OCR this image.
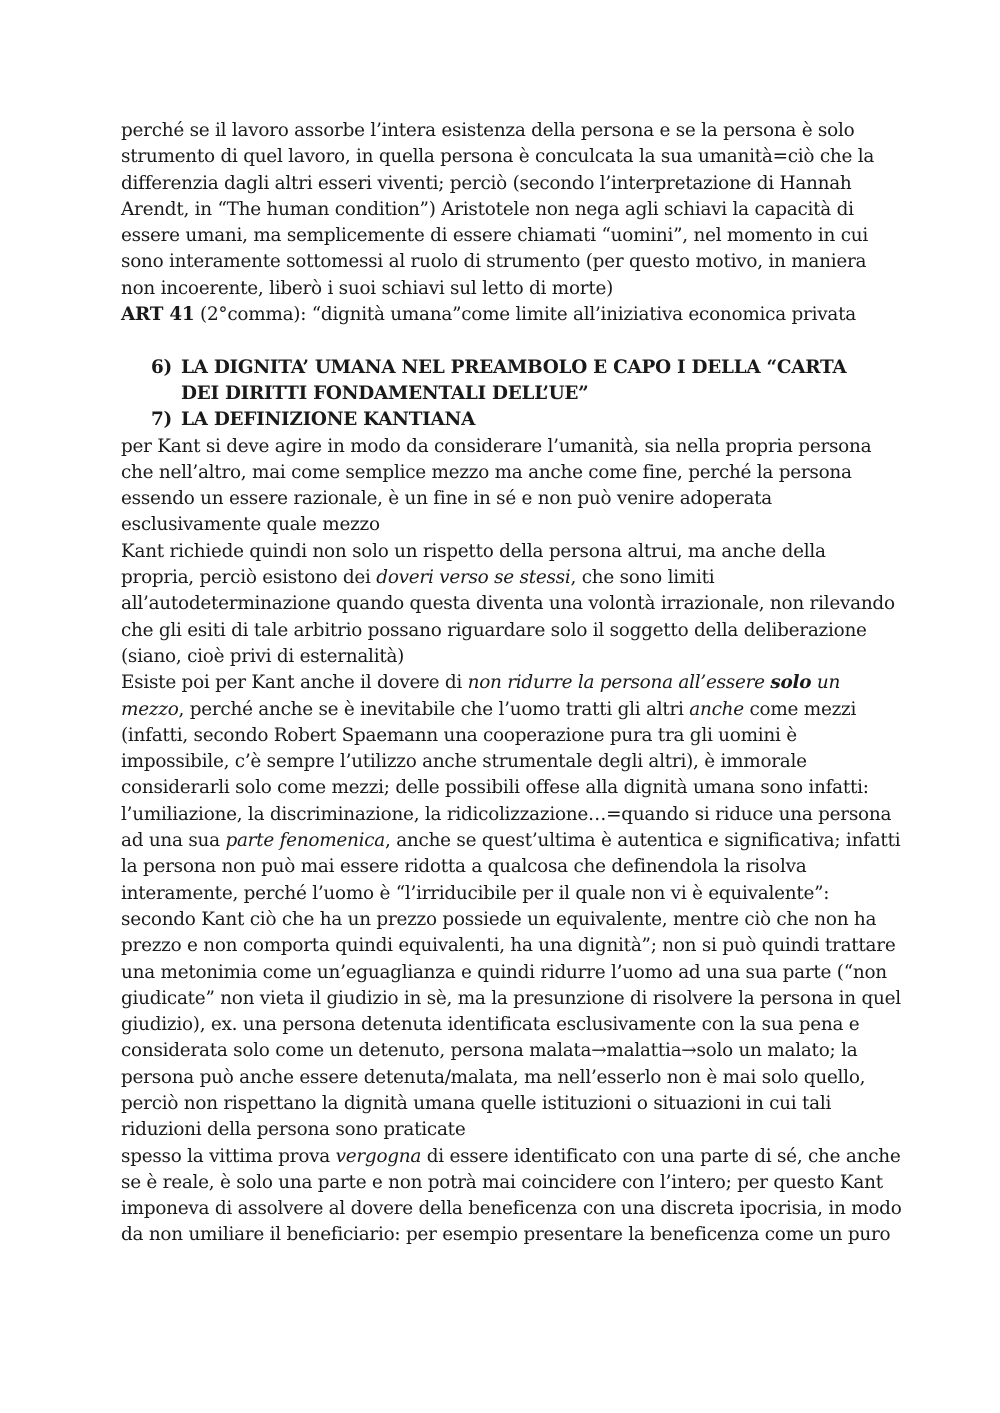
perché se il lavoro assorbe l’intera esistenza della persona e se la persona è solo
strumento di quel lavoro, in quella persona è conculcata la sua umanità=ciò che la
differenzia dagli altri esseri viventi; perciò (secondo l’interpretazione di Hannah
Arendt, in “The human condition”) Aristotele non nega agli schiavi la capacità di
essere umani, ma semplicemente di essere chiamati “uomini”, nel momento in cui
sono interamente sottomessi al ruolo di strumento (per questo motivo, in maniera
non incoerente, liberò i suoi schiavi sul letto di morte)
ART 41 (2°comma): “dignità umana”come limite all’iniziativa economica privata
6) LA DIGNITA’ UMANA NEL PREAMBOLO E CAPO I DELLA “CARTA
DEI DIRITTI FONDAMENTALI DELL’UE”
7) LA DEFINIZIONE KANTIANA
per Kant si deve agire in modo da considerare l’umanità, sia nella propria persona
che nell’altro, mai come semplice mezzo ma anche come fine, perché la persona
essendo un essere razionale, è un fine in sé e non può venire adoperata
esclusivamente quale mezzo
Kant richiede quindi non solo un rispetto della persona altrui, ma anche della
propria, perciò esistono dei doveri verso se stessi, che sono limiti
all’autodeterminazione quando questa diventa una volontà irrazionale, non rilevando
che gli esiti di tale arbitrio possano riguardare solo il soggetto della deliberazione
(siano, cioè privi di esternalità)
Esiste poi per Kant anche il dovere di non ridurre la persona all’essere solo un
mezzo, perché anche se è inevitabile che l’uomo tratti gli altri anche come mezzi
(infatti, secondo Robert Spaemann una cooperazione pura tra gli uomini è
impossibile, c’è sempre l’utilizzo anche strumentale degli altri), è immorale
considerarli solo come mezzi; delle possibili offese alla dignità umana sono infatti:
l’umiliazione, la discriminazione, la ridicolizzazione…=quando si riduce una persona
ad una sua parte fenomenica, anche se quest’ultima è autentica e significativa; infatti
la persona non può mai essere ridotta a qualcosa che definendola la risolva
interamente, perché l’uomo è “l’irriducibile per il quale non vi è equivalente”:
secondo Kant ciò che ha un prezzo possiede un equivalente, mentre ciò che non ha
prezzo e non comporta quindi equivalenti, ha una dignità”; non si può quindi trattare
una metonimia come un’eguaglianza e quindi ridurre l’uomo ad una sua parte (“non
giudicate” non vieta il giudizio in sè, ma la presunzione di risolvere la persona in quel
giudizio), ex. una persona detenuta identificata esclusivamente con la sua pena e
considerata solo come un detenuto, persona malata→malattia→solo un malato; la
persona può anche essere detenuta/malata, ma nell’esserlo non è mai solo quello,
perciò non rispettano la dignità umana quelle istituzioni o situazioni in cui tali
riduzioni della persona sono praticate
spesso la vittima prova vergogna di essere identificato con una parte di sé, che anche
se è reale, è solo una parte e non potrà mai coincidere con l’intero; per questo Kant
imponeva di assolvere al dovere della beneficenza con una discreta ipocrisia, in modo
da non umiliare il beneficiario: per esempio presentare la beneficenza come un puro
